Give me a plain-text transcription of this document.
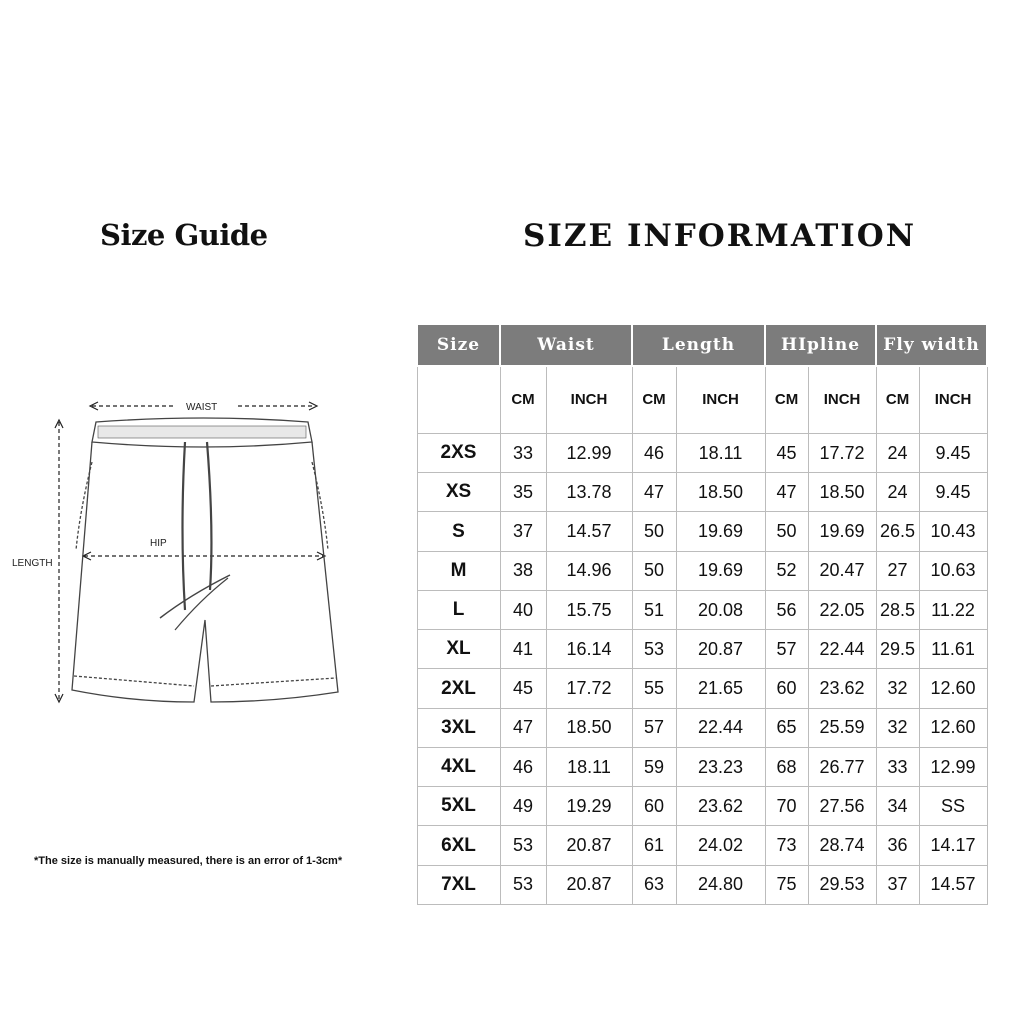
Size Guide	SIZE INFORMATION
WAIST
HIP
LENGTH
*The size is manually measured, there is an error of 1-3cm*
Size	Waist		Length		HIpline		Fly width	
	CM	INCH	CM	INCH	CM	INCH	CM	INCH
2XS	33	12.99	46	18.11	45	17.72	24	9.45
XS	35	13.78	47	18.50	47	18.50	24	9.45
S	37	14.57	50	19.69	50	19.69	26.5	10.43
M	38	14.96	50	19.69	52	20.47	27	10.63
L	40	15.75	51	20.08	56	22.05	28.5	11.22
XL	41	16.14	53	20.87	57	22.44	29.5	11.61
2XL	45	17.72	55	21.65	60	23.62	32	12.60
3XL	47	18.50	57	22.44	65	25.59	32	12.60
4XL	46	18.11	59	23.23	68	26.77	33	12.99
5XL	49	19.29	60	23.62	70	27.56	34	SS
6XL	53	20.87	61	24.02	73	28.74	36	14.17
7XL	53	20.87	63	24.80	75	29.53	37	14.57
